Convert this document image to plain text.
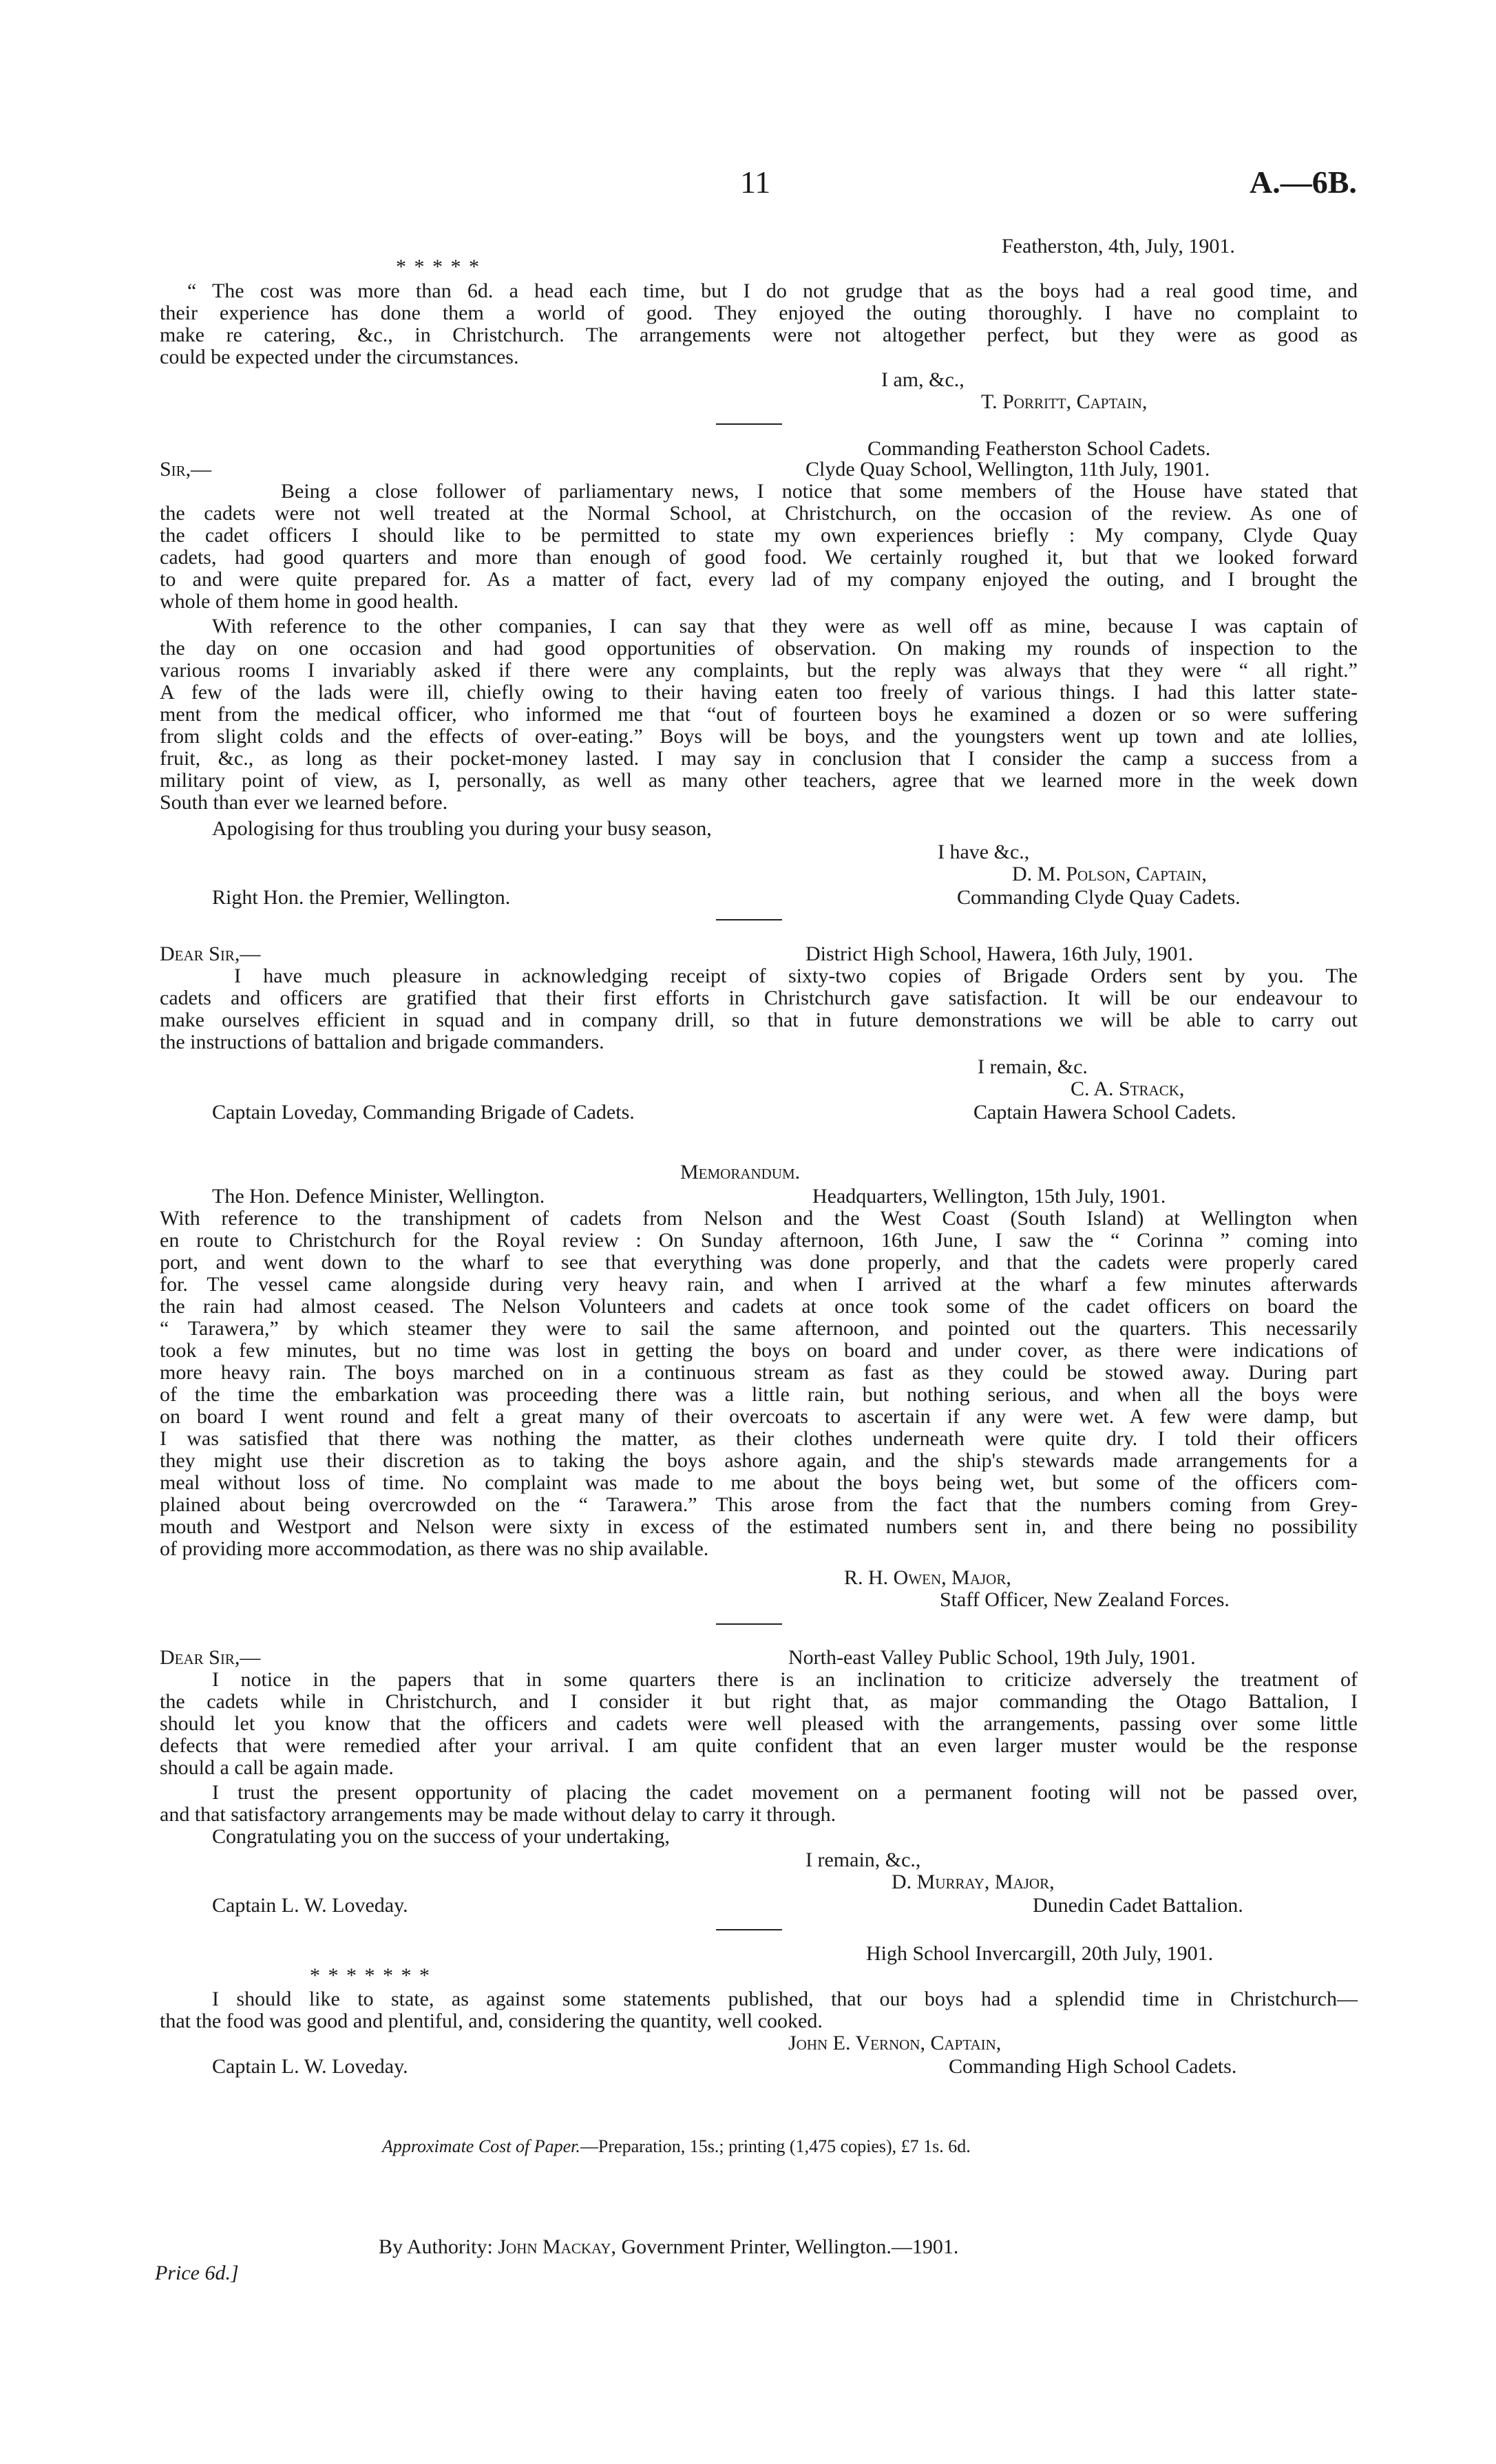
11	A.—6B.
Featherston, 4th, July, 1901.
* * * * *
“ The cost was more than 6d. a head each time, but I do not grudge that as the boys had a real good time, and
their experience has done them a world of good. They enjoyed the outing thoroughly. I have no complaint to
make re catering, &c., in Christchurch. The arrangements were not altogether perfect, but they were as good as
could be expected under the circumstances.
I am, &c.,
T. Porritt, Captain,
Commanding Featherston School Cadets.
Sir,—	Clyde Quay School, Wellington, 11th July, 1901.
Being a close follower of parliamentary news, I notice that some members of the House have stated that
the cadets were not well treated at the Normal School, at Christchurch, on the occasion of the review. As one of
the cadet officers I should like to be permitted to state my own experiences briefly : My company, Clyde Quay
cadets, had good quarters and more than enough of good food. We certainly roughed it, but that we looked forward
to and were quite prepared for. As a matter of fact, every lad of my company enjoyed the outing, and I brought the
whole of them home in good health.
With reference to the other companies, I can say that they were as well off as mine, because I was captain of
the day on one occasion and had good opportunities of observation. On making my rounds of inspection to the
various rooms I invariably asked if there were any complaints, but the reply was always that they were “ all right.”
A few of the lads were ill, chiefly owing to their having eaten too freely of various things. I had this latter state-
ment from the medical officer, who informed me that “out of fourteen boys he examined a dozen or so were suffering
from slight colds and the effects of over-eating.” Boys will be boys, and the youngsters went up town and ate lollies,
fruit, &c., as long as their pocket-money lasted. I may say in conclusion that I consider the camp a success from a
military point of view, as I, personally, as well as many other teachers, agree that we learned more in the week down
South than ever we learned before.
Apologising for thus troubling you during your busy season,
I have &c.,
D. M. Polson, Captain,
Right Hon. the Premier, Wellington.	Commanding Clyde Quay Cadets.
Dear Sir,—	District High School, Hawera, 16th July, 1901.
I have much pleasure in acknowledging receipt of sixty-two copies of Brigade Orders sent by you. The
cadets and officers are gratified that their first efforts in Christchurch gave satisfaction. It will be our endeavour to
make ourselves efficient in squad and in company drill, so that in future demonstrations we will be able to carry out
the instructions of battalion and brigade commanders.
I remain, &c.
C. A. Strack,
Captain Loveday, Commanding Brigade of Cadets.	Captain Hawera School Cadets.
Memorandum.
The Hon. Defence Minister, Wellington.	Headquarters, Wellington, 15th July, 1901.
With reference to the transhipment of cadets from Nelson and the West Coast (South Island) at Wellington when
en route to Christchurch for the Royal review : On Sunday afternoon, 16th June, I saw the “ Corinna ” coming into
port, and went down to the wharf to see that everything was done properly, and that the cadets were properly cared
for. The vessel came alongside during very heavy rain, and when I arrived at the wharf a few minutes afterwards
the rain had almost ceased. The Nelson Volunteers and cadets at once took some of the cadet officers on board the
“ Tarawera,” by which steamer they were to sail the same afternoon, and pointed out the quarters. This necessarily
took a few minutes, but no time was lost in getting the boys on board and under cover, as there were indications of
more heavy rain. The boys marched on in a continuous stream as fast as they could be stowed away. During part
of the time the embarkation was proceeding there was a little rain, but nothing serious, and when all the boys were
on board I went round and felt a great many of their overcoats to ascertain if any were wet. A few were damp, but
I was satisfied that there was nothing the matter, as their clothes underneath were quite dry. I told their officers
they might use their discretion as to taking the boys ashore again, and the ship's stewards made arrangements for a
meal without loss of time. No complaint was made to me about the boys being wet, but some of the officers com-
plained about being overcrowded on the “ Tarawera.” This arose from the fact that the numbers coming from Grey-
mouth and Westport and Nelson were sixty in excess of the estimated numbers sent in, and there being no possibility
of providing more accommodation, as there was no ship available.
R. H. Owen, Major,
Staff Officer, New Zealand Forces.
Dear Sir,—	North-east Valley Public School, 19th July, 1901.
I notice in the papers that in some quarters there is an inclination to criticize adversely the treatment of
the cadets while in Christchurch, and I consider it but right that, as major commanding the Otago Battalion, I
should let you know that the officers and cadets were well pleased with the arrangements, passing over some little
defects that were remedied after your arrival. I am quite confident that an even larger muster would be the response
should a call be again made.
I trust the present opportunity of placing the cadet movement on a permanent footing will not be passed over,
and that satisfactory arrangements may be made without delay to carry it through.
Congratulating you on the success of your undertaking,
I remain, &c.,
D. Murray, Major,
Captain L. W. Loveday.	Dunedin Cadet Battalion.
High School Invercargill, 20th July, 1901.
* * * * * * *
I should like to state, as against some statements published, that our boys had a splendid time in Christchurch—
that the food was good and plentiful, and, considering the quantity, well cooked.
John E. Vernon, Captain,
Captain L. W. Loveday.	Commanding High School Cadets.
Approximate Cost of Paper.—Preparation, 15s.; printing (1,475 copies), £7 1s. 6d.
By Authority: John Mackay, Government Printer, Wellington.—1901.
Price 6d.]
